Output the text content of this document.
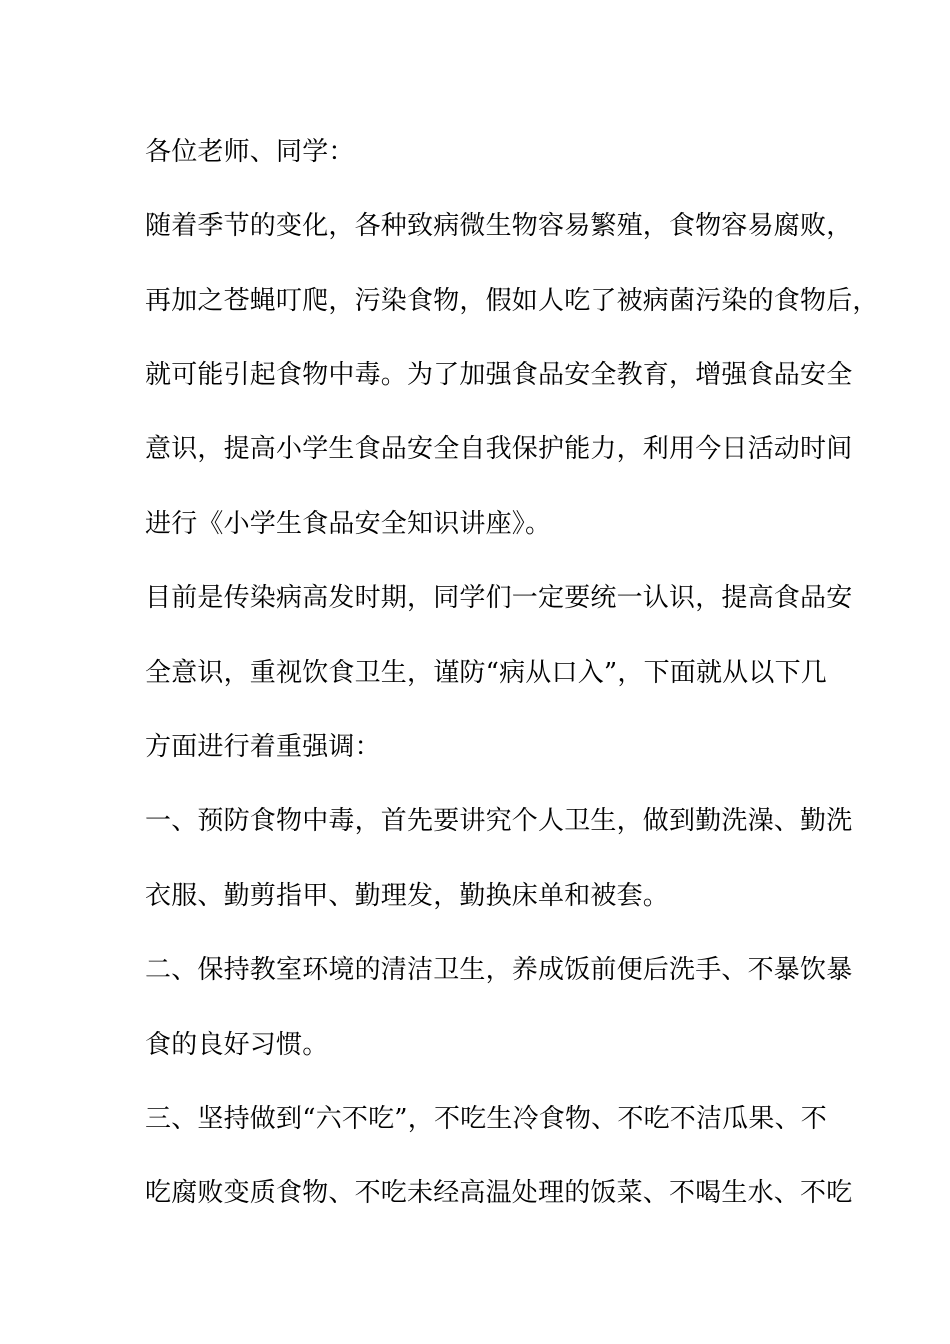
各位老师、同学：

随着季节的变化，各种致病微生物容易繁殖，食物容易腐败，

再加之苍蝇叮爬，污染食物，假如人吃了被病菌污染的食物后，

就可能引起食物中毒。为了加强食品安全教育，增强食品安全

意识，提高小学生食品安全自我保护能力，利用今日活动时间

进行《小学生食品安全知识讲座》。

目前是传染病高发时期，同学们一定要统一认识，提高食品安

全意识，重视饮食卫生，谨防“病从口入”，下面就从以下几

方面进行着重强调：

一、预防食物中毒，首先要讲究个人卫生，做到勤洗澡、勤洗

衣服、勤剪指甲、勤理发，勤换床单和被套。

二、保持教室环境的清洁卫生，养成饭前便后洗手、不暴饮暴

食的良好习惯。

三、坚持做到“六不吃”，不吃生冷食物、不吃不洁瓜果、不

吃腐败变质食物、不吃未经高温处理的饭菜、不喝生水、不吃
